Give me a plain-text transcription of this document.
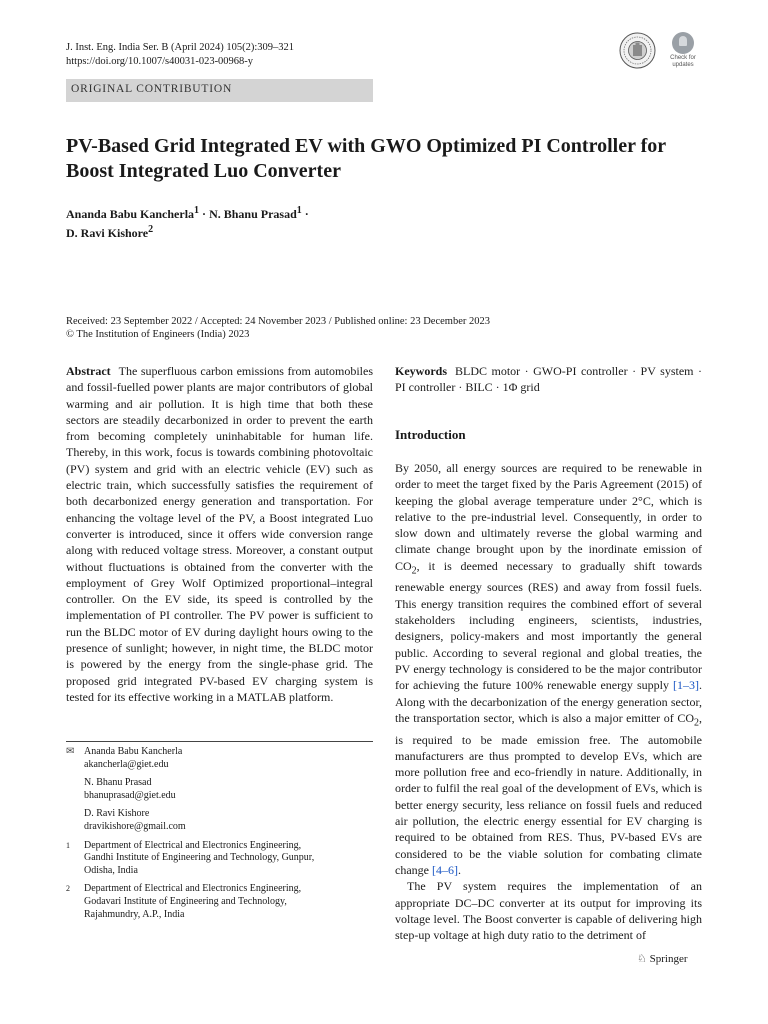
J. Inst. Eng. India Ser. B (April 2024) 105(2):309–321
https://doi.org/10.1007/s40031-023-00968-y	Check for updates
ORIGINAL CONTRIBUTION
PV-Based Grid Integrated EV with GWO Optimized PI Controller for Boost Integrated Luo Converter
Ananda Babu Kancherla$^1$ · N. Bhanu Prasad$^1$ ·
D. Ravi Kishore$^2$
Received: 23 September 2022 / Accepted: 24 November 2023 / Published online: 23 December 2023
© The Institution of Engineers (India) 2023
Abstract The superfluous carbon emissions from automobiles and fossil-fuelled power plants are major contributors of global warming and air pollution. It is high time that both these sectors are steadily decarbonized in order to prevent the earth from becoming completely uninhabitable for human life. Thereby, in this work, focus is towards combining photovoltaic (PV) system and grid with an electric vehicle (EV) such as electric train, which successfully satisfies the requirement of both decarbonized energy generation and transportation. For enhancing the voltage level of the PV, a Boost integrated Luo converter is introduced, since it offers wide conversion range along with reduced voltage stress. Moreover, a constant output without fluctuations is obtained from the converter with the employment of Grey Wolf Optimized proportional–integral controller. On the EV side, its speed is controlled by the implementation of PI controller. The PV power is sufficient to run the BLDC motor of EV during daylight hours owing to the presence of sunlight; however, in night time, the BLDC motor is powered by the energy from the single-phase grid. The proposed grid integrated PV-based EV charging system is tested for its effective working in a MATLAB platform.
✉ Ananda Babu Kancherla
akancherla@giet.edu
N. Bhanu Prasad
bhanuprasad@giet.edu
D. Ravi Kishore
dravikishore@gmail.com
1	Department of Electrical and Electronics Engineering,
Gandhi Institute of Engineering and Technology, Gunpur,
Odisha, India
2	Department of Electrical and Electronics Engineering,
Godavari Institute of Engineering and Technology,
Rajahmundry, A.P., India
Keywords BLDC motor · GWO-PI controller · PV system · PI controller · BILC · 1Φ grid
Introduction

By 2050, all energy sources are required to be renewable in order to meet the target fixed by the Paris Agreement (2015) of keeping the global average temperature under 2°C, which is relative to the pre-industrial level. Consequently, in order to slow down and ultimately reverse the global warming and climate change brought upon by the inordinate emission of $CO_2$, it is deemed necessary to gradually shift towards renewable energy sources (RES) and away from fossil fuels. This energy transition requires the combined effort of several stakeholders including engineers, scientists, industries, designers, policy-makers and most importantly the general public. According to several regional and global treaties, the PV energy technology is considered to be the major contributor for achieving the future 100% renewable energy supply [1–3]. Along with the decarbonization of the energy generation sector, the transportation sector, which is also a major emitter of $CO_2$, is required to be made emission free. The automobile manufacturers are thus prompted to develop EVs, which are more pollution free and eco-friendly in nature. Additionally, in order to fulfil the real goal of the development of EVs, which is better energy security, less reliance on fossil fuels and reduced air pollution, the electric energy essential for EV charging is required to be obtained from RES. Thus, PV-based EVs are considered to be the viable solution for combating climate change [4–6].

The PV system requires the implementation of an appropriate DC–DC converter at its output for improving its voltage level. The Boost converter is capable of delivering high step-up voltage at high duty ratio to the detriment of

♘ Springer
